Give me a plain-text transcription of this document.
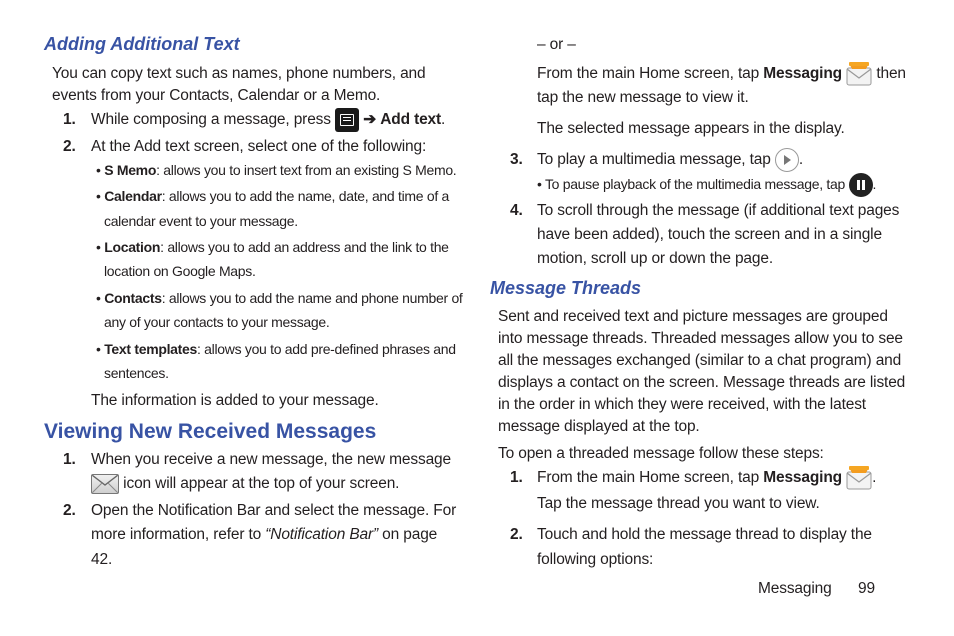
Adding Additional Text
You can copy text such as names, phone numbers, and
events from your Contacts, Calendar or a Memo.
1. While composing a message, press ➔ Add text.
2. At the Add text screen, select one of the following:
• S Memo: allows you to insert text from an existing S Memo.
• Calendar: allows you to add the name, date, and time of a
calendar event to your message.
• Location: allows you to add an address and the link to the
location on Google Maps.
• Contacts: allows you to add the name and phone number of
any of your contacts to your message.
• Text templates: allows you to add pre-defined phrases and
sentences.
The information is added to your message.
Viewing New Received Messages
1. When you receive a new message, the new message
icon will appear at the top of your screen.
2. Open the Notification Bar and select the message. For
more information, refer to “Notification Bar” on page
42.
– or –
From the main Home screen, tap Messaging then
tap the new message to view it.
The selected message appears in the display.
3. To play a multimedia message, tap .
• To pause playback of the multimedia message, tap .
4. To scroll through the message (if additional text pages
have been added), touch the screen and in a single
motion, scroll up or down the page.
Message Threads
Sent and received text and picture messages are grouped
into message threads. Threaded messages allow you to see
all the messages exchanged (similar to a chat program) and
displays a contact on the screen. Message threads are listed
in the order in which they were received, with the latest
message displayed at the top.
To open a threaded message follow these steps:
1. From the main Home screen, tap Messaging .
Tap the message thread you want to view.
2. Touch and hold the message thread to display the
following options:
Messaging 99
